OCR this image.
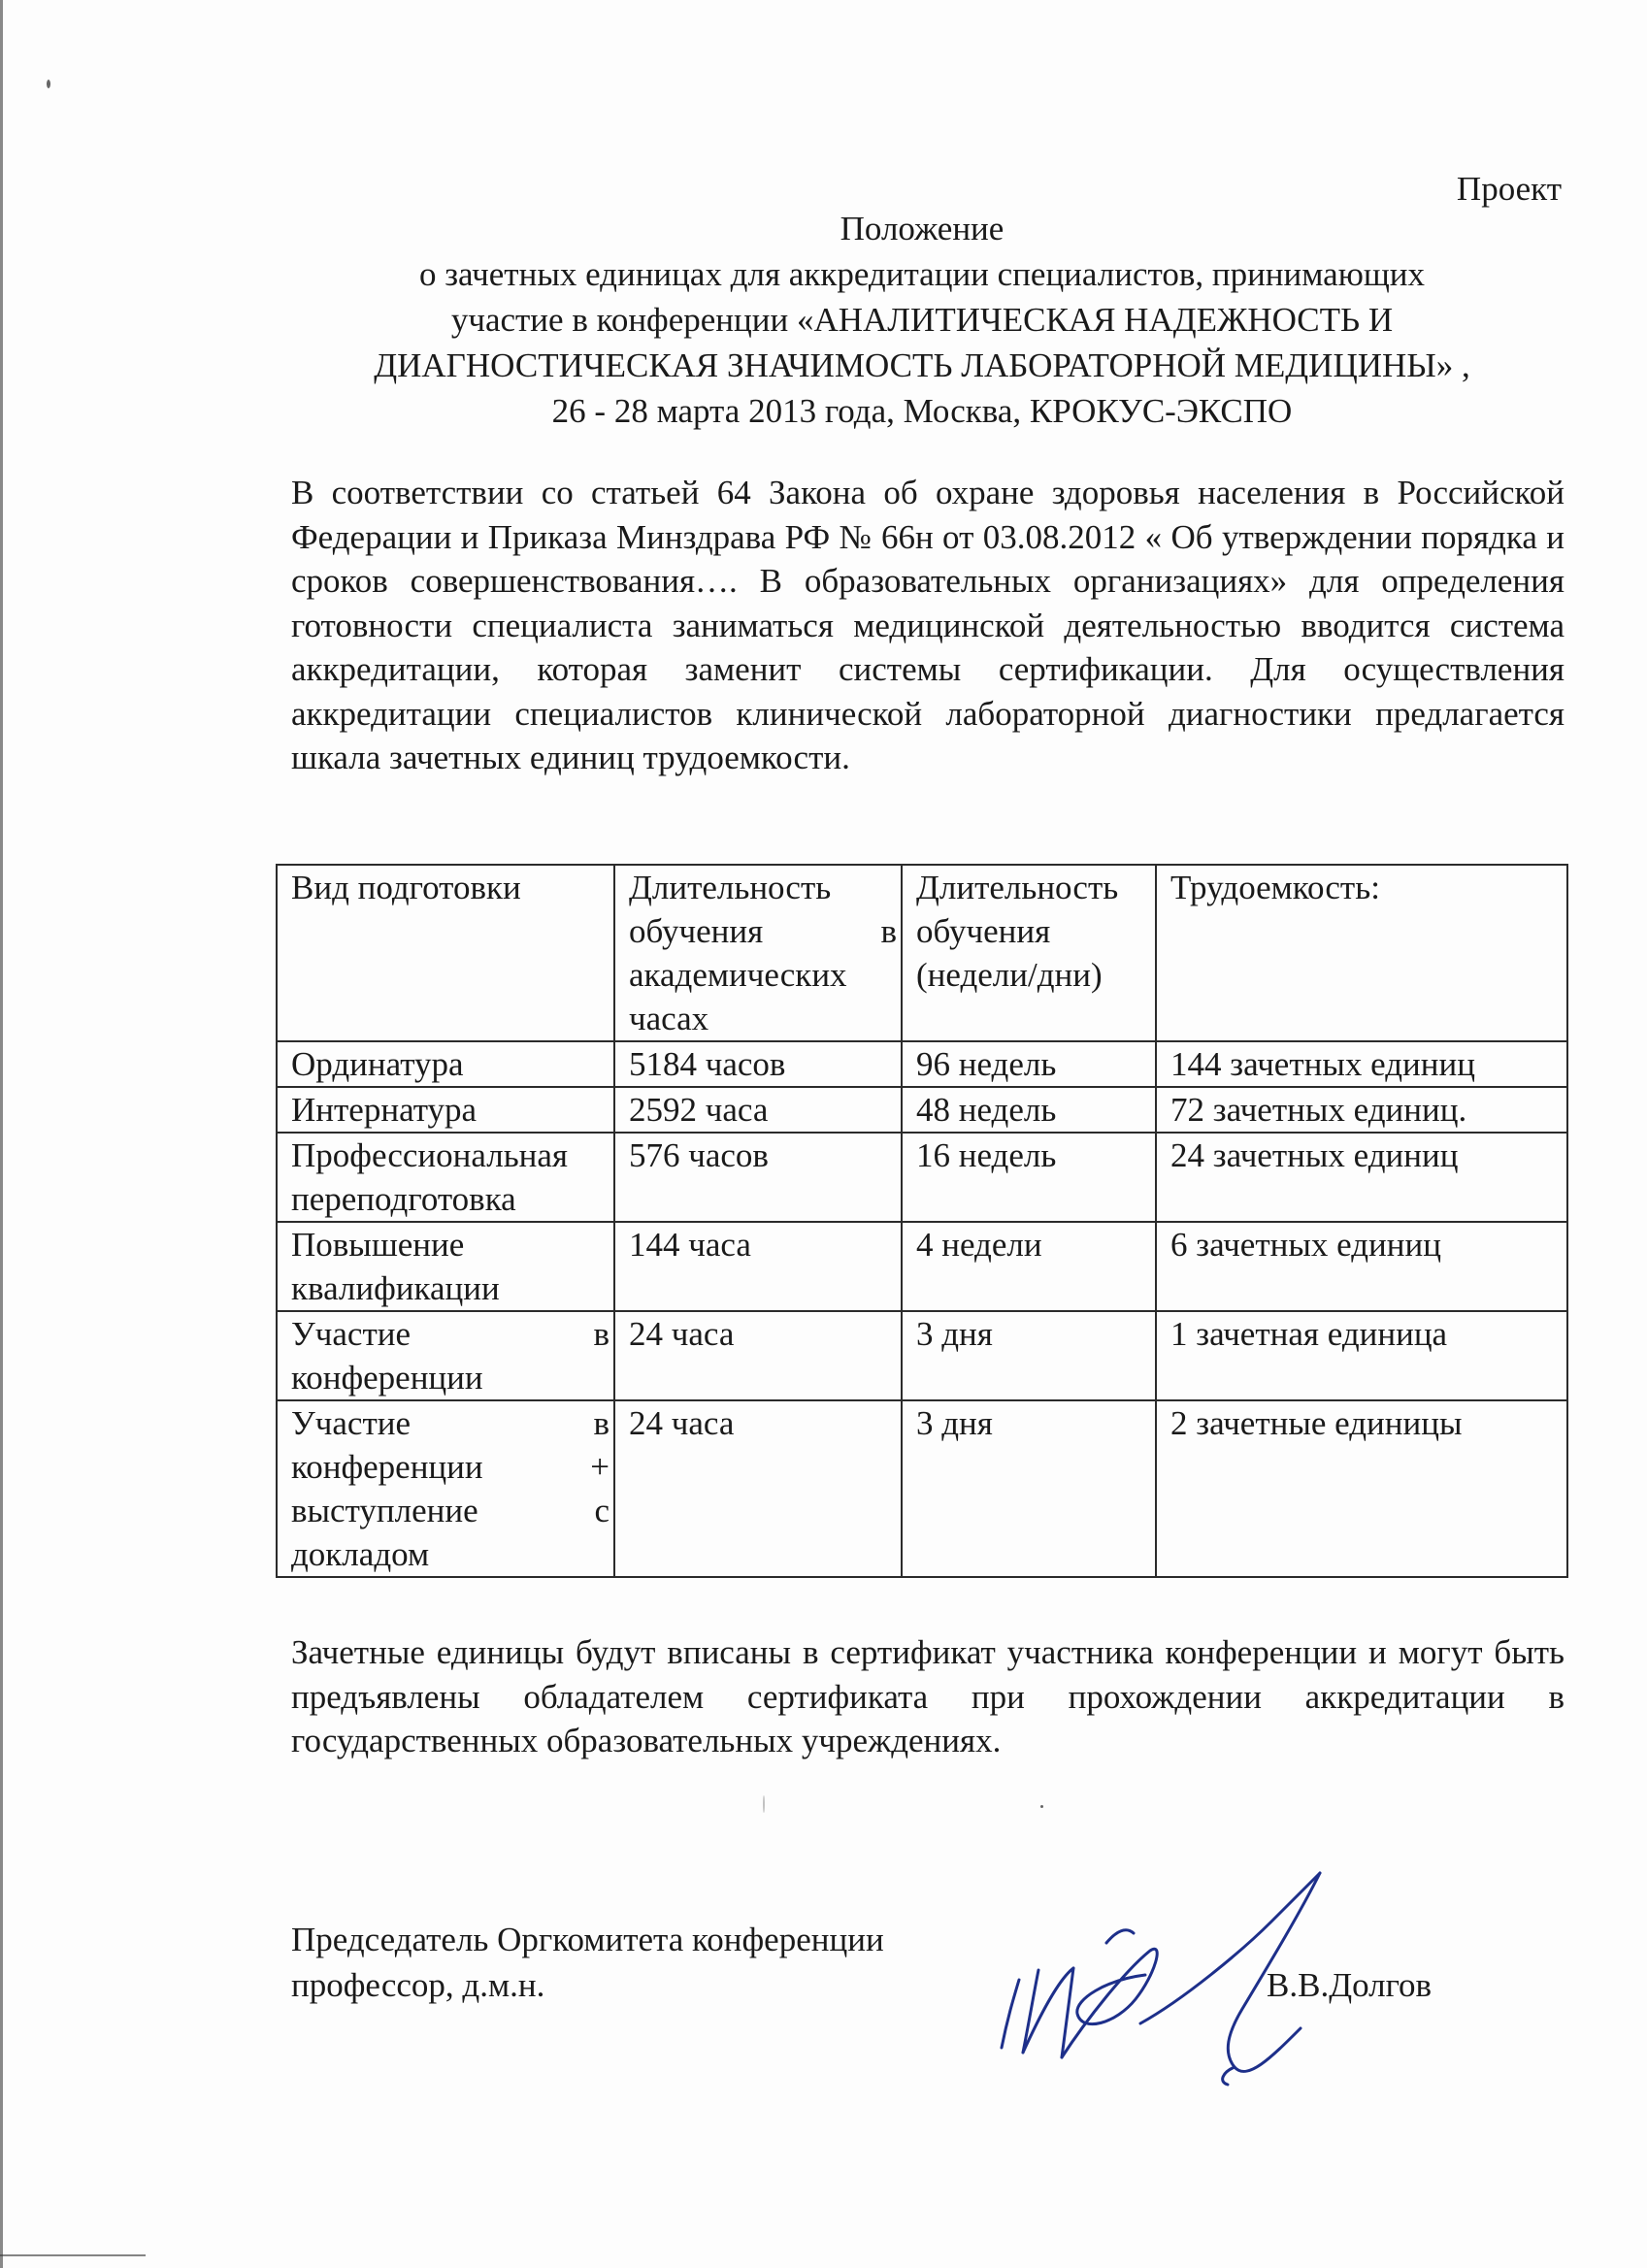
Проект
Положение
о зачетных единицах для аккредитации специалистов, принимающих
участие в конференции «АНАЛИТИЧЕСКАЯ НАДЕЖНОСТЬ И
ДИАГНОСТИЧЕСКАЯ ЗНАЧИМОСТЬ ЛАБОРАТОРНОЙ МЕДИЦИНЫ» ,
26 - 28 марта 2013 года, Москва, КРОКУС-ЭКСПО

В соответствии со статьей 64 Закона об охране здоровья населения в Российской Федерации и Приказа Минздрава РФ № 66н от 03.08.2012 « Об утверждении порядка и сроков совершенствования…. В образовательных организациях» для определения готовности специалиста заниматься медицинской деятельностью вводится система аккредитации, которая заменит системы сертификации. Для осуществления аккредитации специалистов клинической лабораторной диагностики предлагается шкала зачетных единиц трудоемкости.

Вид подготовки	Длительность обучения в академических часах	Длительность обучения (недели/дни)	Трудоемкость:
Ординатура	5184 часов	96 недель	144 зачетных единиц
Интернатура	2592 часа	48 недель	72 зачетных единиц.
Профессиональная переподготовка	576 часов	16 недель	24 зачетных единиц
Повышение квалификации	144 часа	4 недели	6 зачетных единиц
Участие в конференции	24 часа	3 дня	1 зачетная единица
Участие в конференции + выступление с докладом	24 часа	3 дня	2 зачетные единицы

Зачетные единицы будут вписаны в сертификат участника конференции и могут быть предъявлены обладателем сертификата при прохождении аккредитации в государственных образовательных учреждениях.

Председатель Оргкомитета конференции
профессор, д.м.н.	В.В.Долгов
